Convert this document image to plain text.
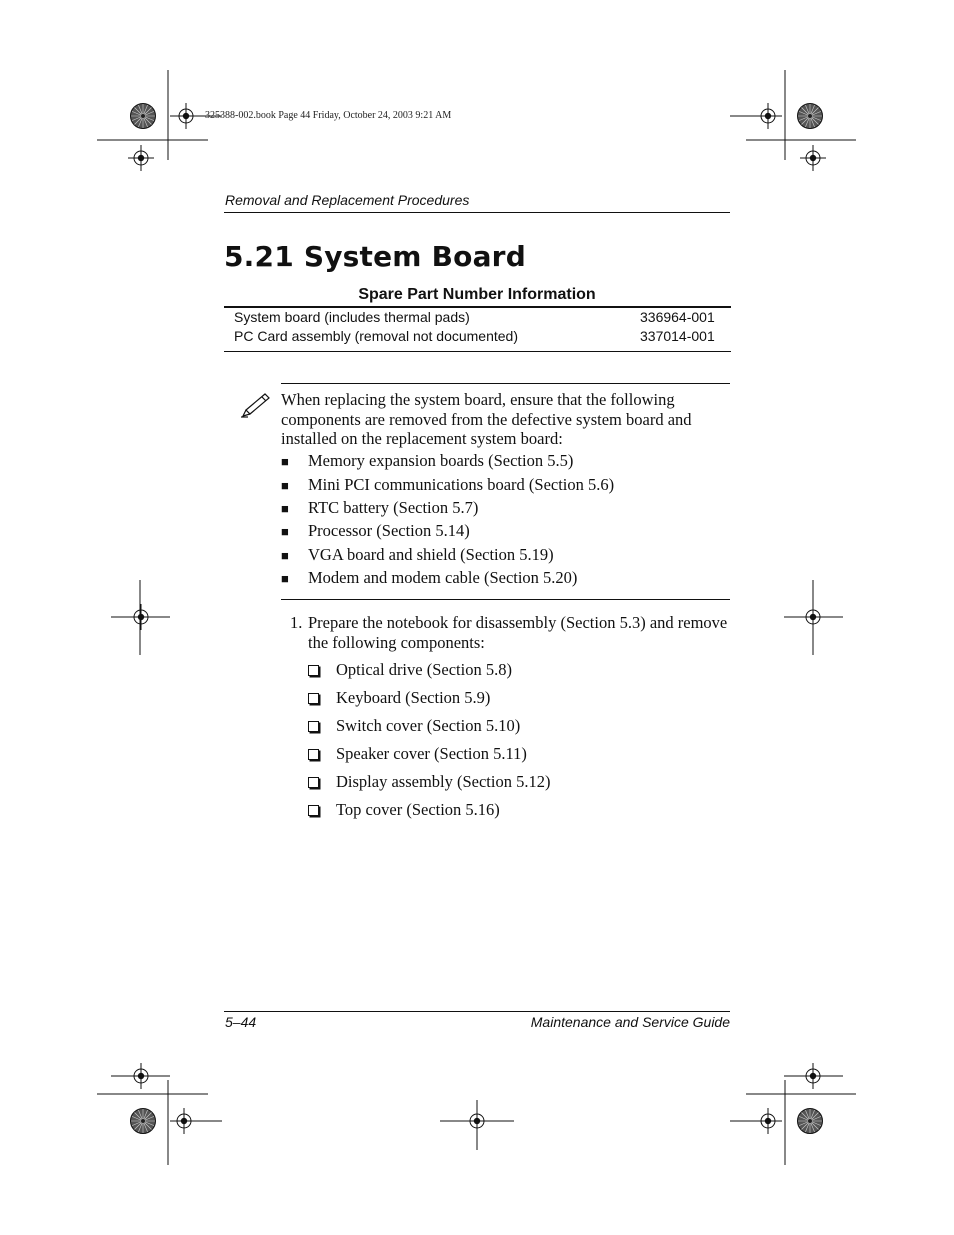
325388-002.book Page 44 Friday, October 24, 2003 9:21 AM
Removal and Replacement Procedures
5.21 System Board
Spare Part Number Information
System board (includes thermal pads)	336964-001
PC Card assembly (removal not documented)	337014-001
When replacing the system board, ensure that the following components are removed from the defective system board and installed on the replacement system board:
■ Memory expansion boards (Section 5.5)
■ Mini PCI communications board (Section 5.6)
■ RTC battery (Section 5.7)
■ Processor (Section 5.14)
■ VGA board and shield (Section 5.19)
■ Modem and modem cable (Section 5.20)
1. Prepare the notebook for disassembly (Section 5.3) and remove the following components:
Optical drive (Section 5.8)
Keyboard (Section 5.9)
Switch cover (Section 5.10)
Speaker cover (Section 5.11)
Display assembly (Section 5.12)
Top cover (Section 5.16)
5–44	Maintenance and Service Guide
